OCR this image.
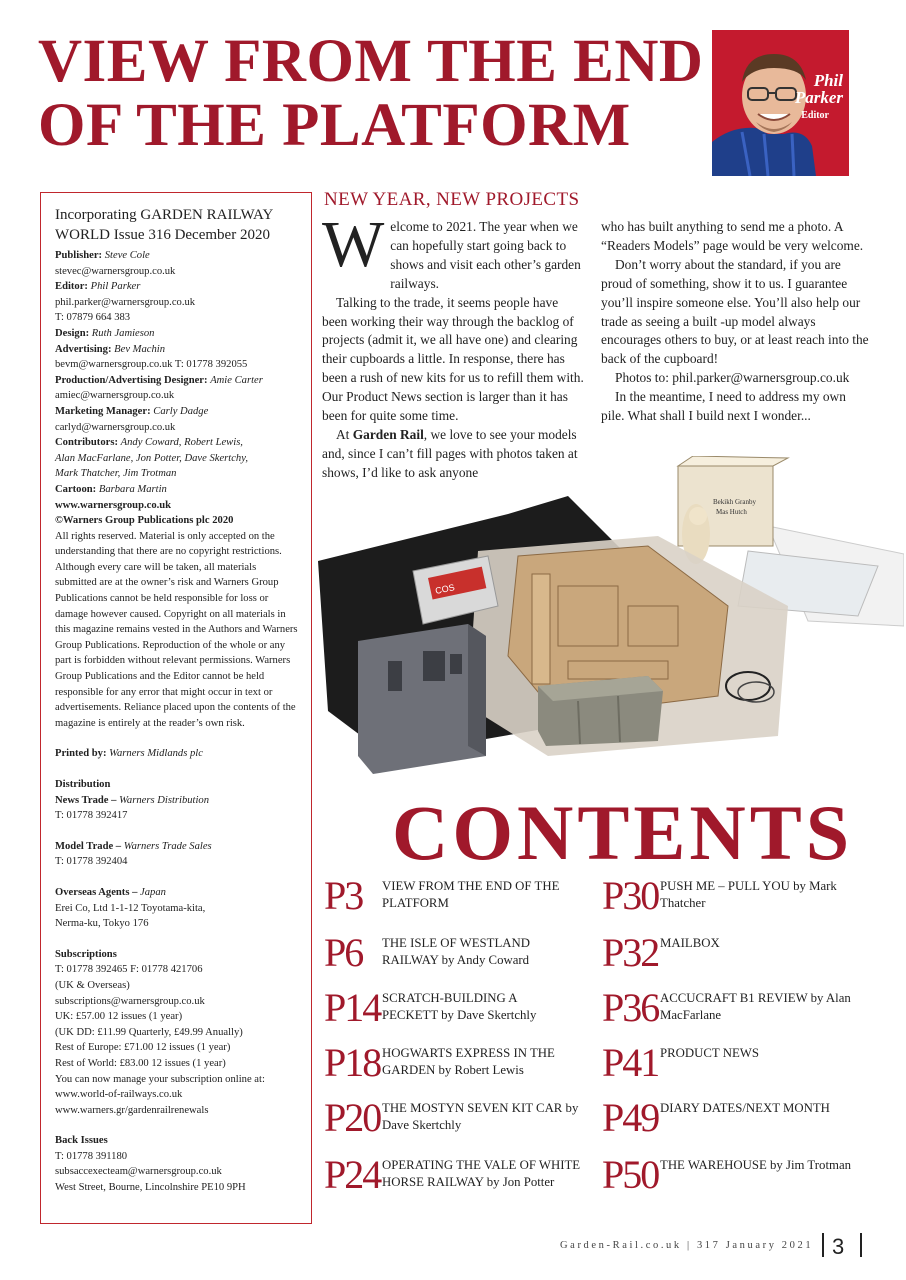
VIEW FROM THE END
OF THE PLATFORM
Phil
Parker
Editor
Incorporating GARDEN RAILWAY
WORLD Issue 316 December 2020
Publisher: Steve Cole
stevec@warnersgroup.co.uk
Editor: Phil Parker
phil.parker@warnersgroup.co.uk
T: 07879 664 383
Design: Ruth Jamieson
Advertising: Bev Machin
bevm@warnersgroup.co.uk T: 01778 392055
Production/Advertising Designer: Amie Carter
amiec@warnersgroup.co.uk
Marketing Manager: Carly Dadge
carlyd@warnersgroup.co.uk
Contributors: Andy Coward, Robert Lewis,
Alan MacFarlane, Jon Potter, Dave Skertchy,
Mark Thatcher, Jim Trotman
Cartoon: Barbara Martin
www.warnersgroup.co.uk
©Warners Group Publications plc 2020
All rights reserved. Material is only accepted on the understanding that there are no copyright restrictions. Although every care will be taken, all materials submitted are at the owner’s risk and Warners Group Publications cannot be held responsible for loss or damage however caused. Copyright on all materials in this magazine remains vested in the Authors and Warners Group Publications. Reproduction of the whole or any part is forbidden without relevant permissions. Warners Group Publications and the Editor cannot be held responsible for any error that might occur in text or advertisements. Reliance placed upon the contents of the magazine is entirely at the reader’s own risk.
Printed by: Warners Midlands plc
Distribution
News Trade – Warners Distribution
T: 01778 392417
Model Trade – Warners Trade Sales
T: 01778 392404
Overseas Agents – Japan
Erei Co, Ltd 1-1-12 Toyotama-kita,
Nerma-ku, Tokyo 176
Subscriptions
T: 01778 392465 F: 01778 421706
(UK & Overseas)
subscriptions@warnersgroup.co.uk
UK: £57.00 12 issues (1 year)
(UK DD: £11.99 Quarterly, £49.99 Anually)
Rest of Europe: £71.00 12 issues (1 year)
Rest of World: £83.00 12 issues (1 year)
You can now manage your subscription online at:
www.world-of-railways.co.uk
www.warners.gr/gardenrailrenewals
Back Issues
T: 01778 391180
subsaccexecteam@warnersgroup.co.uk
West Street, Bourne, Lincolnshire PE10 9PH
NEW YEAR, NEW PROJECTS

Welcome to 2021. The year when we can hopefully start going back to shows and visit each other’s garden railways.

Talking to the trade, it seems people have been working their way through the backlog of projects (admit it, we all have one) and clearing their cupboards a little. In response, there has been a rush of new kits for us to refill them with. Our Product News section is larger than it has been for quite some time.

At Garden Rail, we love to see your models and, since I can’t fill pages with photos taken at shows, I’d like to ask anyone

who has built anything to send me a photo. A “Readers Models” page would be very welcome.

Don’t worry about the standard, if you are proud of something, show it to us. I guarantee you’ll inspire someone else. You’ll also help our trade as seeing a built -up model always encourages others to buy, or at least reach into the back of the cupboard!

Photos to: phil.parker@warnersgroup.co.uk

In the meantime, I need to address my own pile. What shall I build next I wonder...

Bekikh Granby
Mas Hutch
COS
CONTENTS
P3 VIEW FROM THE END OF THE
PLATFORM
P6 THE ISLE OF WESTLAND
RAILWAY by Andy Coward
P14 SCRATCH-BUILDING A
PECKETT by Dave Skertchly
P18 HOGWARTS EXPRESS IN THE
GARDEN by Robert Lewis
P20 THE MOSTYN SEVEN KIT CAR by Dave Skertchly
P24 OPERATING THE VALE OF WHITE
HORSE RAILWAY by Jon Potter
P30 PUSH ME – PULL YOU by Mark Thatcher
P32 MAILBOX
P36 ACCUCRAFT B1 REVIEW by Alan MacFarlane
P41 PRODUCT NEWS
P49 DIARY DATES/NEXT MONTH
P50 THE WAREHOUSE by Jim Trotman
Garden-Rail.co.uk | 317 January 2021 3
